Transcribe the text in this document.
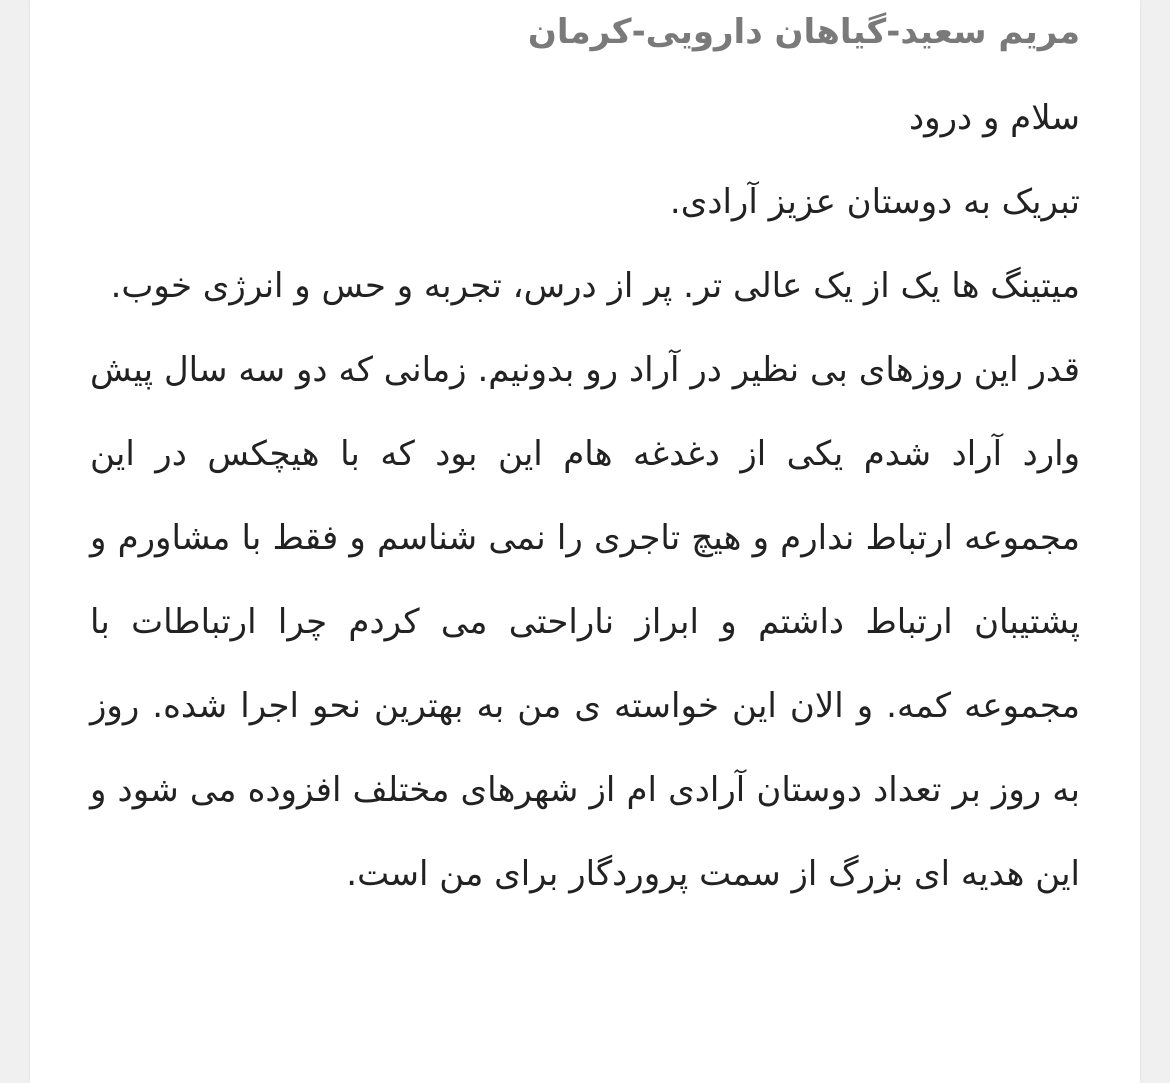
مریم سعید-گیاهان دارویی-کرمان

سلام و درود

تبریک به دوستان عزیز آرادی.

میتینگ ها یک از یک عالی تر. پر از درس، تجربه و حس و انرژی خوب.

قدر این روزهای بی نظیر در آراد رو بدونیم. زمانی که دو سه سال پیش وارد آراد شدم یکی از دغدغه هام این بود که با هیچکس در این مجموعه ارتباط ندارم و هیچ تاجری را نمی شناسم و فقط با مشاورم و پشتیبان ارتباط داشتم و ابراز ناراحتی می کردم چرا ارتباطات با مجموعه کمه. و الان این خواسته ی من به بهترین نحو اجرا شده. روز به روز بر تعداد دوستان آرادی ام از شهرهای مختلف افزوده می شود و این هدیه ای بزرگ از سمت پروردگار برای من است.
